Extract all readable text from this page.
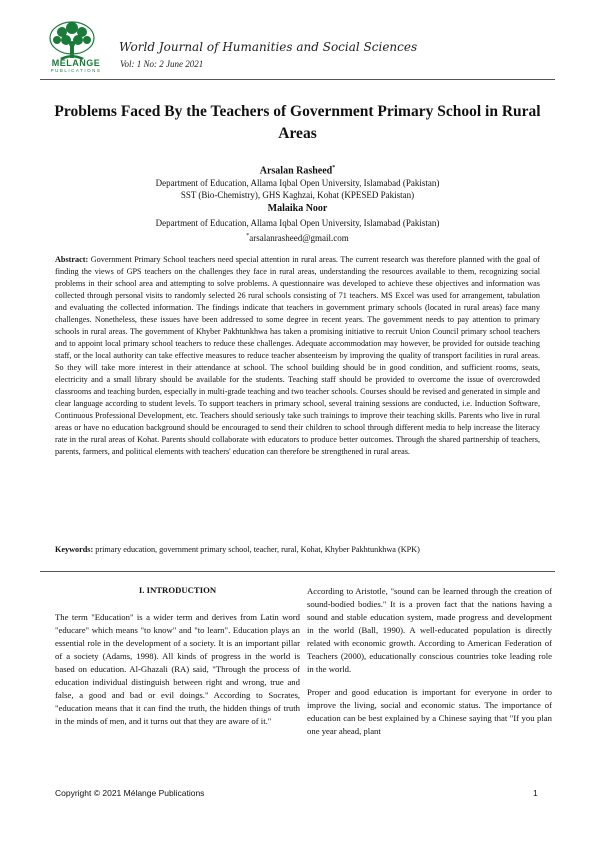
MÉLANGE
PUBLICATIONS
World Journal of Humanities and Social Sciences
Vol: 1 No: 2 June 2021
Problems Faced By the Teachers of Government Primary School in Rural Areas
Arsalan Rasheed*
Department of Education, Allama Iqbal Open University, Islamabad (Pakistan)
SST (Bio-Chemistry), GHS Kaghzai, Kohat (KPESED Pakistan)
Malaika Noor
Department of Education, Allama Iqbal Open University, Islamabad (Pakistan)
*arsalanrasheed@gmail.com
Abstract: Government Primary School teachers need special attention in rural areas. The current research was therefore planned with the goal of finding the views of GPS teachers on the challenges they face in rural areas, understanding the resources available to them, recognizing social problems in their school area and attempting to solve problems. A questionnaire was developed to achieve these objectives and information was collected through personal visits to randomly selected 26 rural schools consisting of 71 teachers. MS Excel was used for arrangement, tabulation and evaluating the collected information. The findings indicate that teachers in government primary schools (located in rural areas) face many challenges. Nonetheless, these issues have been addressed to some degree in recent years. The government needs to pay attention to primary schools in rural areas. The government of Khyber Pakhtunkhwa has taken a promising initiative to recruit Union Council primary school teachers and to appoint local primary school teachers to reduce these challenges. Adequate accommodation may however, be provided for outside teaching staff, or the local authority can take effective measures to reduce teacher absenteeism by improving the quality of transport facilities in rural areas. So they will take more interest in their attendance at school. The school building should be in good condition, and sufficient rooms, seats, electricity and a small library should be available for the students. Teaching staff should be provided to overcome the issue of overcrowded classrooms and teaching burden, especially in multi-grade teaching and two teacher schools. Courses should be revised and generated in simple and clear language according to student levels. To support teachers in primary school, several training sessions are conducted, i.e. Induction Software, Continuous Professional Development, etc. Teachers should seriously take such trainings to improve their teaching skills. Parents who live in rural areas or have no education background should be encouraged to send their children to school through different media to help increase the literacy rate in the rural areas of Kohat. Parents should collaborate with educators to produce better outcomes. Through the shared partnership of teachers, parents, farmers, and political elements with teachers' education can therefore be strengthened in rural areas.
Keywords: primary education, government primary school, teacher, rural, Kohat, Khyber Pakhtunkhwa (KPK)
I. INTRODUCTION

The term "Education" is a wider term and derives from Latin word "educare" which means "to know" and "to learn". Education plays an essential role in the development of a society. It is an important pillar of a society (Adams, 1998). All kinds of progress in the world is based on education. Al-Ghazali (RA) said, "Through the process of education individual distinguish between right and wrong, true and false, a good and bad or evil doings." According to Socrates, "education means that it can find the truth, the hidden things of truth in the minds of men, and it turns out that they are aware of it."

According to Aristotle, "sound can be learned through the creation of sound-bodied bodies." It is a proven fact that the nations having a sound and stable education system, made progress and development in the world (Ball, 1990). A well-educated population is directly related with economic growth. According to American Federation of Teachers (2000), educationally conscious countries toke leading role in the world.

Proper and good education is important for everyone in order to improve the living, social and economic status. The importance of education can be best explained by a Chinese saying that "If you plan one year ahead, plant

Copyright © 2021 Mélange Publications	1
